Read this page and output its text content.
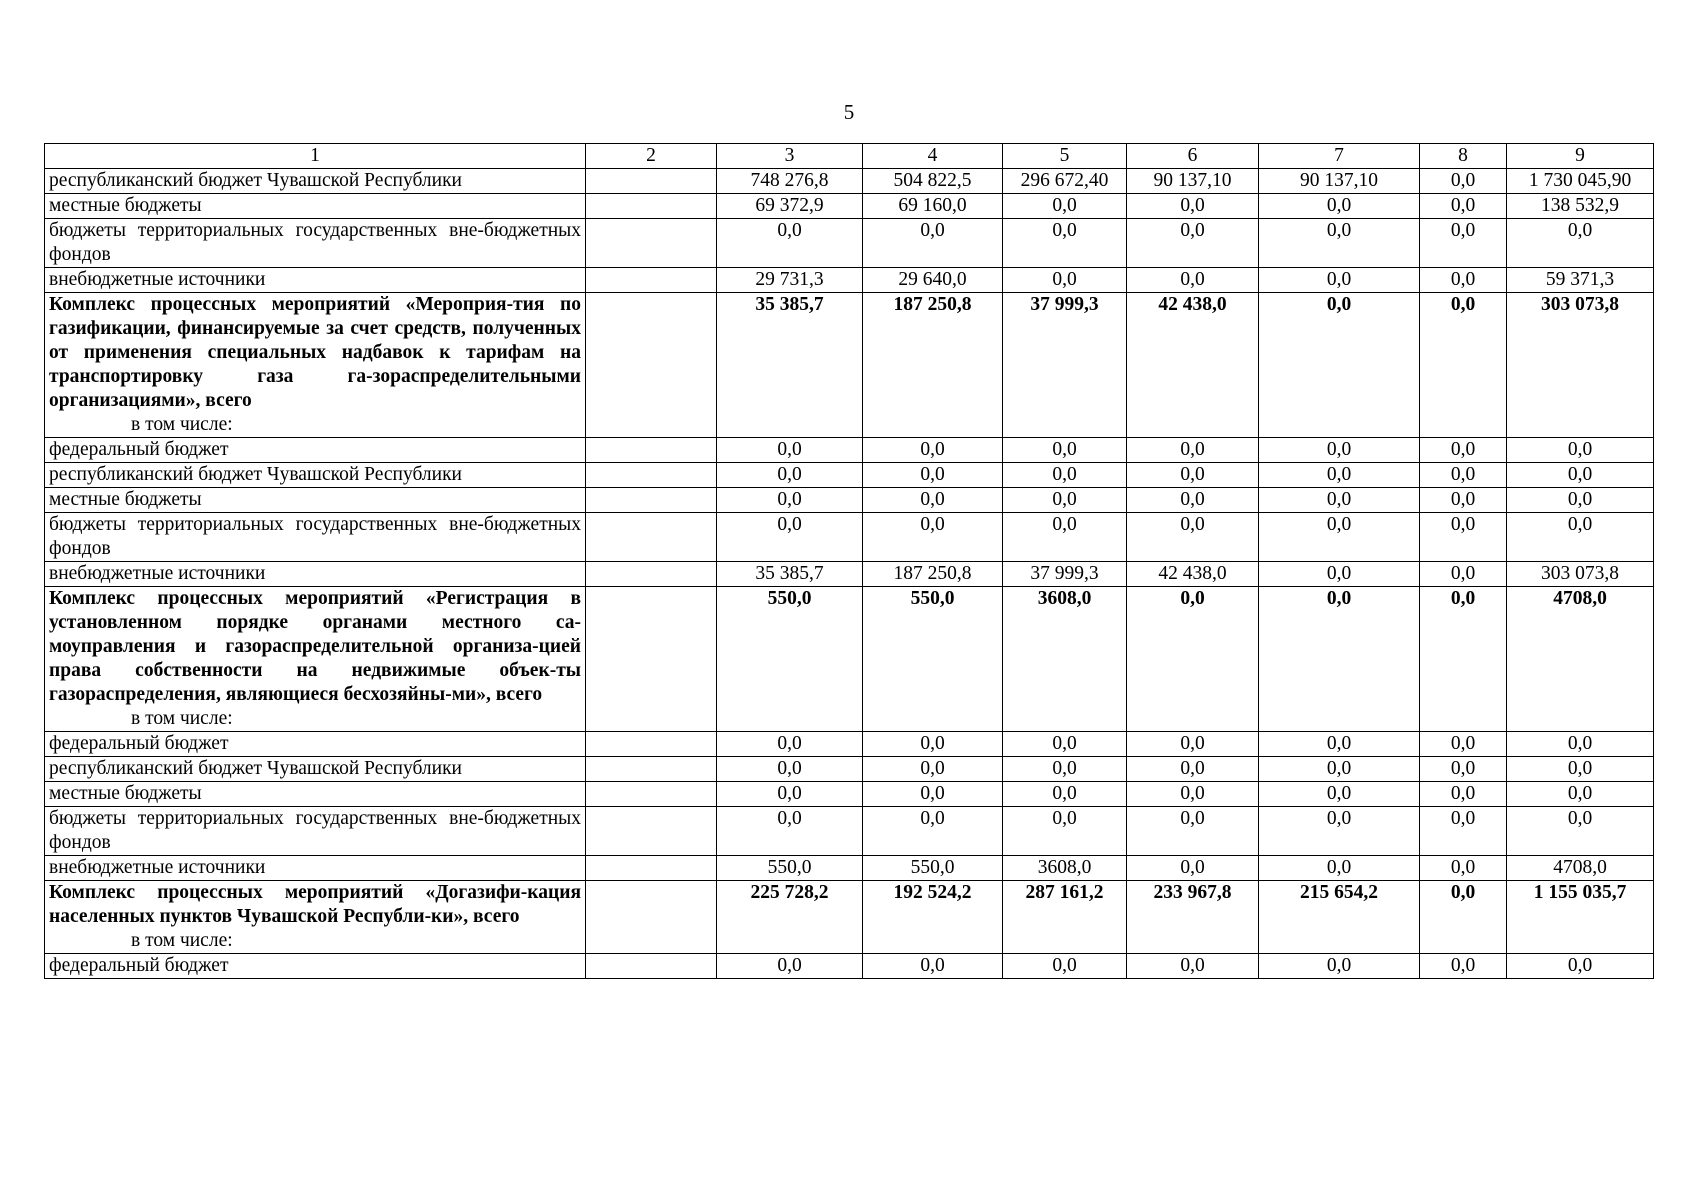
5
1	2	3	4	5	6	7	8	9

республиканский бюджет Чувашской Республики		748 276,8	504 822,5	296 672,40	90 137,10	90 137,10	0,0	1 730 045,90

местные бюджеты		69 372,9	69 160,0	0,0	0,0	0,0	0,0	138 532,9

бюджеты территориальных государственных вне-бюджетных фондов		0,0	0,0	0,0	0,0	0,0	0,0	0,0

внебюджетные источники		29 731,3	29 640,0	0,0	0,0	0,0	0,0	59 371,3

Комплекс процессных мероприятий «Мероприя-тия по газификации, финансируемые за счет средств, полученных от применения специальных надбавок к тарифам на транспортировку газа га-зораспределительными организациями», всего
в том числе:		35 385,7	187 250,8	37 999,3	42 438,0	0,0	0,0	303 073,8

федеральный бюджет		0,0	0,0	0,0	0,0	0,0	0,0	0,0

республиканский бюджет Чувашской Республики		0,0	0,0	0,0	0,0	0,0	0,0	0,0

местные бюджеты		0,0	0,0	0,0	0,0	0,0	0,0	0,0

бюджеты территориальных государственных вне-бюджетных фондов		0,0	0,0	0,0	0,0	0,0	0,0	0,0

внебюджетные источники		35 385,7	187 250,8	37 999,3	42 438,0	0,0	0,0	303 073,8

Комплекс процессных мероприятий «Регистрация в установленном порядке органами местного са-моуправления и газораспределительной организа-цией права собственности на недвижимые объек-ты газораспределения, являющиеся бесхозяйны-ми», всего
в том числе:		550,0	550,0	3608,0	0,0	0,0	0,0	4708,0

федеральный бюджет		0,0	0,0	0,0	0,0	0,0	0,0	0,0

республиканский бюджет Чувашской Республики		0,0	0,0	0,0	0,0	0,0	0,0	0,0

местные бюджеты		0,0	0,0	0,0	0,0	0,0	0,0	0,0

бюджеты территориальных государственных вне-бюджетных фондов		0,0	0,0	0,0	0,0	0,0	0,0	0,0

внебюджетные источники		550,0	550,0	3608,0	0,0	0,0	0,0	4708,0

Комплекс процессных мероприятий «Догазифи-кация населенных пунктов Чувашской Республи-ки», всего
в том числе:		225 728,2	192 524,2	287 161,2	233 967,8	215 654,2	0,0	1 155 035,7

федеральный бюджет		0,0	0,0	0,0	0,0	0,0	0,0	0,0
